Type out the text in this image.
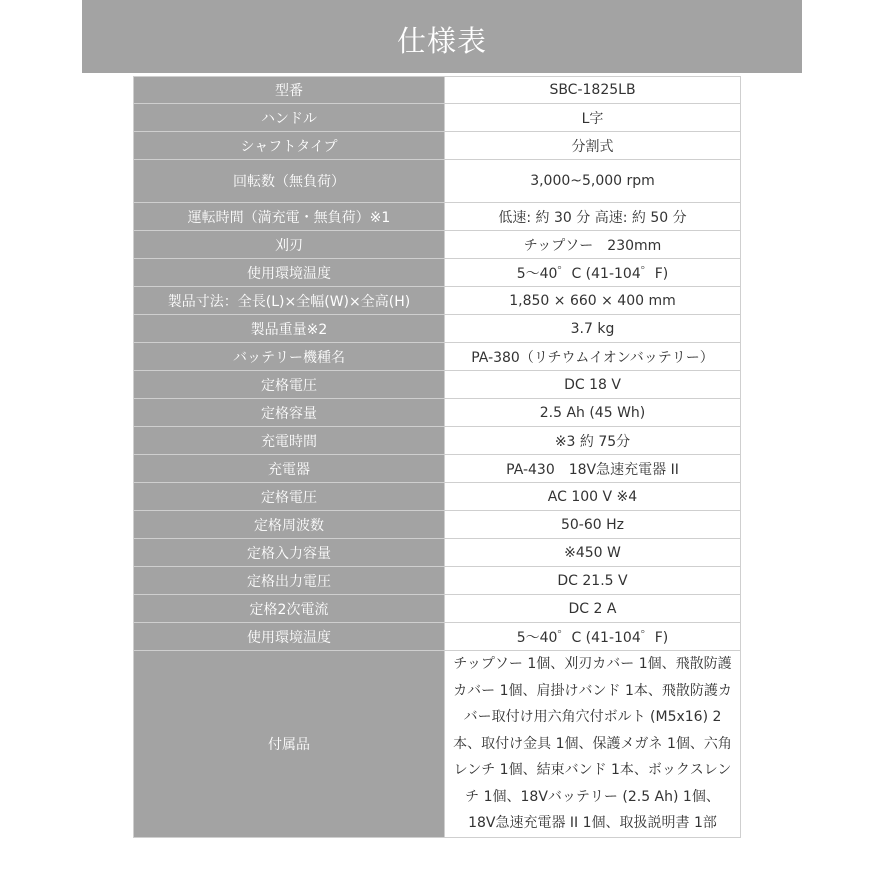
仕様表
型番	SBC-1825LB
ハンドル	L字
シャフトタイプ	分割式
回転数（無負荷）	3,000~5,000 rpm
運転時間（満充電・無負荷）※1	低速: 約 30 分 高速: 約 50 分
刈刃	チップソー　230mm
使用環境温度	5～40゜C (41-104゜F)
製品寸法：全長(L)×全幅(W)×全高(H)	1,850 × 660 × 400 mm
製品重量※2	3.7 kg
バッテリー機種名	PA-380（リチウムイオンバッテリー）
定格電圧	DC 18 V
定格容量	2.5 Ah (45 Wh)
充電時間	※3 約 75分
充電器	PA-430　18V急速充電器 II
定格電圧	AC 100 V ※4
定格周波数	50-60 Hz
定格入力容量	※450 W
定格出力電圧	DC 21.5 V
定格2次電流	DC 2 A
使用環境温度	5～40゜C (41-104゜F)
付属品	チップソー 1個、刈刃カバー 1個、飛散防護カバー 1個、肩掛けバンド 1本、飛散防護カバー取付け用六角穴付ボルト (M5x16) 2本、取付け金具 1個、保護メガネ 1個、六角レンチ 1個、結束バンド 1本、ボックスレンチ 1個、18Vバッテリー (2.5 Ah) 1個、18V急速充電器 II 1個、取扱説明書 1部
